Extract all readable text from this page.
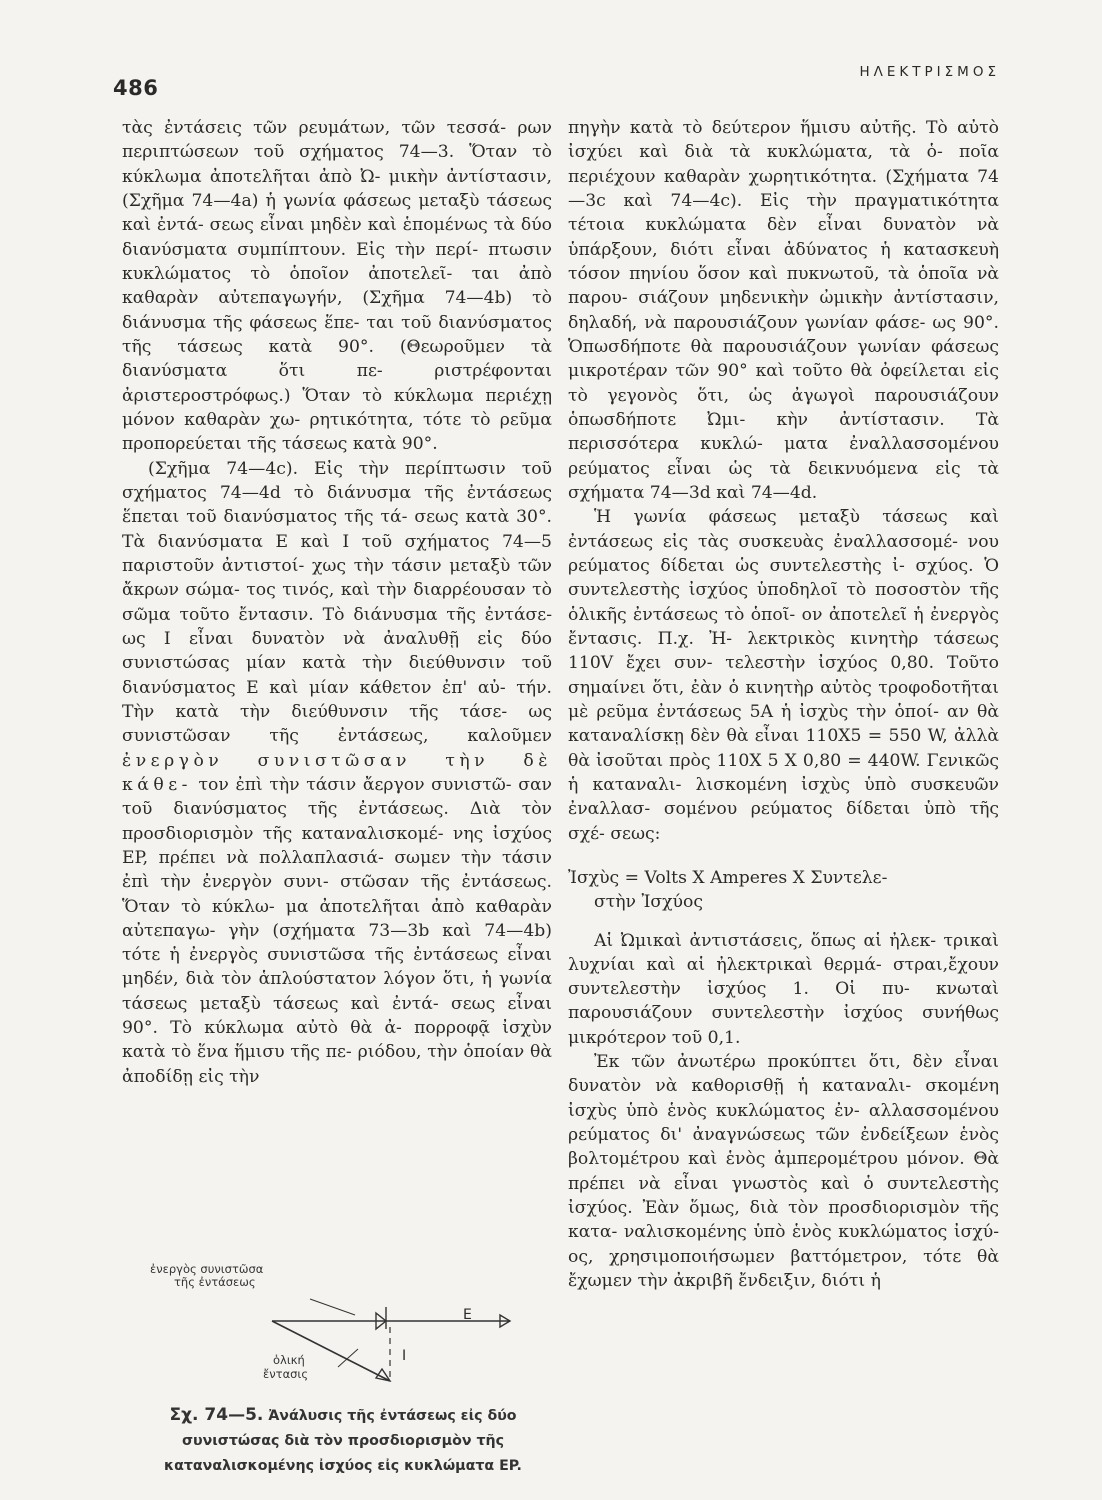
486
ΗΛΕΚΤΡΙΣΜΟΣ

τὰς ἐντάσεις τῶν ρευμάτων, τῶν τεσσά- ρων περιπτώσεων τοῦ σχήματος 74—3. Ὅταν τὸ κύκλωμα ἀποτελῆται ἀπὸ Ὠ- μικὴν ἀντίστασιν, (Σχῆμα 74—4a) ἡ γωνία φάσεως μεταξὺ τάσεως καὶ ἐντά- σεως εἶναι μηδὲν καὶ ἑπομένως τὰ δύο διανύσματα συμπίπτουν. Εἰς τὴν περί- πτωσιν κυκλώματος τὸ ὁποῖον ἀποτελεῖ- ται ἀπὸ καθαρὰν αὐτεπαγωγήν, (Σχῆμα 74—4b) τὸ διάνυσμα τῆς φάσεως ἕπε- ται τοῦ διανύσματος τῆς τάσεως κατὰ 90°. (Θεωροῦμεν τὰ διανύσματα ὅτι πε-	ριστρέφονται ἀριστεροστρόφως.) Ὅταν τὸ κύκλωμα περιέχῃ μόνον καθαρὰν χω- ρητικότητα, τότε τὸ ρεῦμα προπορεύεται τῆς τάσεως κατὰ 90°.

(Σχῆμα 74—4c). Εἰς τὴν περίπτωσιν τοῦ σχήματος 74—4d τὸ διάνυσμα τῆς ἐντάσεως ἕπεται τοῦ διανύσματος τῆς τά- σεως κατὰ 30°. Τὰ διανύσματα E καὶ I τοῦ σχήματος 74—5 παριστοῦν ἀντιστοί- χως τὴν τάσιν μεταξὺ τῶν ἄκρων σώμα- τος τινός, καὶ τὴν διαρρέουσαν τὸ σῶμα τοῦτο ἔντασιν. Τὸ διάνυσμα τῆς ἐντάσε- ως I εἶναι δυνατὸν νὰ ἀναλυθῇ εἰς δύο συνιστώσας μίαν κατὰ τὴν διεύθυνσιν τοῦ διανύσματος E καὶ μίαν κάθετον ἐπ' αὐ- τήν. Τὴν κατὰ τὴν διεύθυνσιν τῆς τάσε- ως συνιστῶσαν τῆς ἐντάσεως, καλοῦμεν ἐνεργὸν συνιστῶσαν τὴν δὲ κάθε- τον ἐπὶ τὴν τάσιν ἄεργον συνιστῶ- σαν τοῦ διανύσματος τῆς ἐντάσεως. Διὰ τὸν προσδιορισμὸν τῆς καταναλισκομέ- νης ἰσχύος EP, πρέπει νὰ πολλαπλασιά- σωμεν τὴν τάσιν ἐπὶ τὴν ἐνεργὸν συνι- στῶσαν τῆς ἐντάσεως. Ὅταν τὸ κύκλω- μα ἀποτελῆται ἀπὸ καθαρὰν αὐτεπαγω- γὴν (σχήματα 73—3b καὶ 74—4b) τότε ἡ ἐνεργὸς συνιστῶσα τῆς ἐντάσεως εἶναι μηδέν, διὰ τὸν ἁπλούστατον λόγον ὅτι, ἡ γωνία τάσεως μεταξὺ τάσεως καὶ ἐντά- σεως εἶναι 90°. Τὸ κύκλωμα αὐτὸ θὰ ἀ- πορροφᾷ ἰσχὺν κατὰ τὸ ἕνα ἥμισυ τῆς πε- ριόδου, τὴν ὁποίαν θὰ ἀποδίδῃ εἰς τὴν

πηγὴν κατὰ τὸ δεύτερον ἥμισυ αὐτῆς. Τὸ αὐτὸ ἰσχύει καὶ διὰ τὰ κυκλώματα, τὰ ὁ- ποῖα περιέχουν καθαρὰν χωρητικότητα. (Σχήματα 74—3c καὶ 74—4c). Εἰς τὴν πραγματικότητα τέτοια κυκλώματα δὲν εἶναι δυνατὸν νὰ ὑπάρξουν, διότι εἶναι ἀδύνατος ἡ κατασκευὴ τόσον πηνίου ὅσον καὶ πυκνωτοῦ, τὰ ὁποῖα νὰ παρου- σιάζουν μηδενικὴν ὠμικὴν ἀντίστασιν, δηλαδή, νὰ παρουσιάζουν γωνίαν φάσε- ως 90°. Ὁπωσδήποτε θὰ παρουσιάζουν γωνίαν φάσεως μικροτέραν τῶν 90° καὶ τοῦτο θὰ ὀφείλεται εἰς τὸ γεγονὸς ὅτι, ὡς ἀγωγοὶ παρουσιάζουν ὁπωσδήποτε Ὠμι- κὴν ἀντίστασιν. Τὰ περισσότερα κυκλώ- ματα ἐναλλασσομένου ρεύματος εἶναι ὡς τὰ δεικνυόμενα εἰς τὰ σχήματα 74—3d καὶ 74—4d.

Ἡ γωνία φάσεως μεταξὺ τάσεως καὶ ἐντάσεως εἰς τὰς συσκευὰς ἐναλλασσομέ- νου ρεύματος δίδεται ὡς συντελεστὴς ἰ- σχύος. Ὁ συντελεστὴς ἰσχύος ὑποδηλοῖ τὸ ποσοστὸν τῆς ὁλικῆς ἐντάσεως τὸ ὁποῖ- ον ἀποτελεῖ ἡ ἐνεργὸς ἔντασις. Π.χ. Ἠ- λεκτρικὸς κινητὴρ τάσεως 110V ἔχει συν- τελεστὴν ἰσχύος 0,80. Τοῦτο σημαίνει ὅτι, ἐὰν ὁ κινητὴρ αὐτὸς τροφοδοτῆται μὲ ρεῦμα ἐντάσεως 5A ἡ ἰσχὺς τὴν ὁποί- αν θὰ καταναλίσκῃ δὲν θὰ εἶναι 110X5 = 550 W, ἀλλὰ θὰ ἰσοῦται πρὸς 110X 5 X 0,80 = 440W. Γενικῶς ἡ καταναλι- λισκομένη ἰσχὺς ὑπὸ συσκευῶν ἐναλλασ- σομένου ρεύματος δίδεται ὑπὸ τῆς σχέ- σεως:

Ἰσχὺς = Volts X Amperes X Συντελε-
στὴν Ἰσχύος

Αἱ Ὠμικαὶ ἀντιστάσεις, ὅπως αἱ ἠλεκ- τρικαὶ λυχνίαι καὶ αἱ ἠλεκτρικαὶ θερμά- στραι,ἔχουν συντελεστὴν ἰσχύος 1. Οἱ πυ- κνωταὶ παρουσιάζουν συντελεστὴν ἰσχύος συνήθως μικρότερον τοῦ 0,1.

Ἐκ τῶν ἀνωτέρω προκύπτει ὅτι, δὲν εἶναι δυνατὸν νὰ καθορισθῇ ἡ καταναλι- σκομένη ἰσχὺς ὑπὸ ἑνὸς κυκλώματος ἐν- αλλασσομένου ρεύματος δι' ἀναγνώσεως τῶν ἐνδείξεων ἑνὸς βολτομέτρου καὶ ἑνὸς ἀμπερομέτρου μόνον. Θὰ πρέπει νὰ εἶναι γνωστὸς καὶ ὁ συντελεστὴς ἰσχύος. Ἐὰν ὅμως, διὰ τὸν προσδιορισμὸν τῆς κατα- ναλισκομένης ὑπὸ ἑνὸς κυκλώματος ἰσχύ- ος, χρησιμοποιήσωμεν βαττόμετρον, τότε θὰ ἔχωμεν τὴν ἀκριβῆ ἔνδειξιν, διότι ἡ

ἐνεργὸς συνιστῶσα
τῆς ἐντάσεως
ὁλική
ἔντασις
E
I
Σχ. 74—5. Ἀνάλυσις τῆς ἐντάσεως εἰς δύο συνιστώσας διὰ τὸν προσδιορισμὸν τῆς καταναλισκομένης ἰσχύος εἰς κυκλώματα EP.
